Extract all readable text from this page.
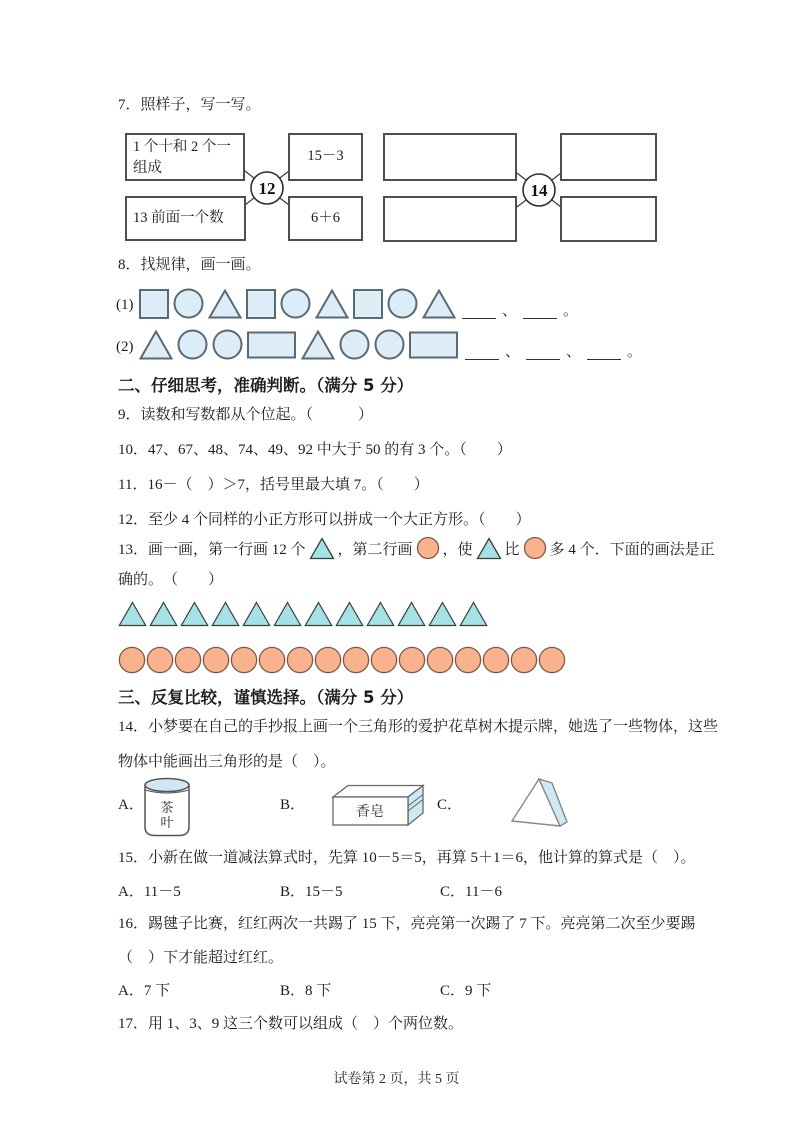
7．照样子，写一写。
12	14
1 个十和 2 个一组成
13 前面一个数
15－3
6＋6
8．找规律，画一画。
(1)	、	。
(2)	、	、	。
二、仔细思考，准确判断。（满分 5 分）
9．读数和写数都从个位起。（　　　）
10．47、67、48、74、49、92 中大于 50 的有 3 个。（　　）
11．16－（　）＞7，括号里最大填 7。（　　）
12．至少 4 个同样的小正方形可以拼成一个大正方形。（　　）
13．画一画，第一行画 12 个 ，第二行画 ，使 比 多 4 个．下面的画法是正
确的。　（　　）
三、反复比较，谨慎选择。（满分 5 分）
14．小梦要在自己的手抄报上画一个三角形的爱护花草树木提示牌，她选了一些物体，这些
物体中能画出三角形的是（　）。
A． 茶
叶
B．	香皂	C．
15．小新在做一道减法算式时，先算 10－5＝5，再算 5＋1＝6，他计算的算式是（　）。
A．11－5	B．15－5	C．11－6
16．踢毽子比赛，红红两次一共踢了 15 下，亮亮第一次踢了 7 下。亮亮第二次至少要踢
（　）下才能超过红红。
A．7 下	B．8 下	C．9 下
17．用 1、3、9 这三个数可以组成（　）个两位数。
试卷第 2 页，共 5 页
